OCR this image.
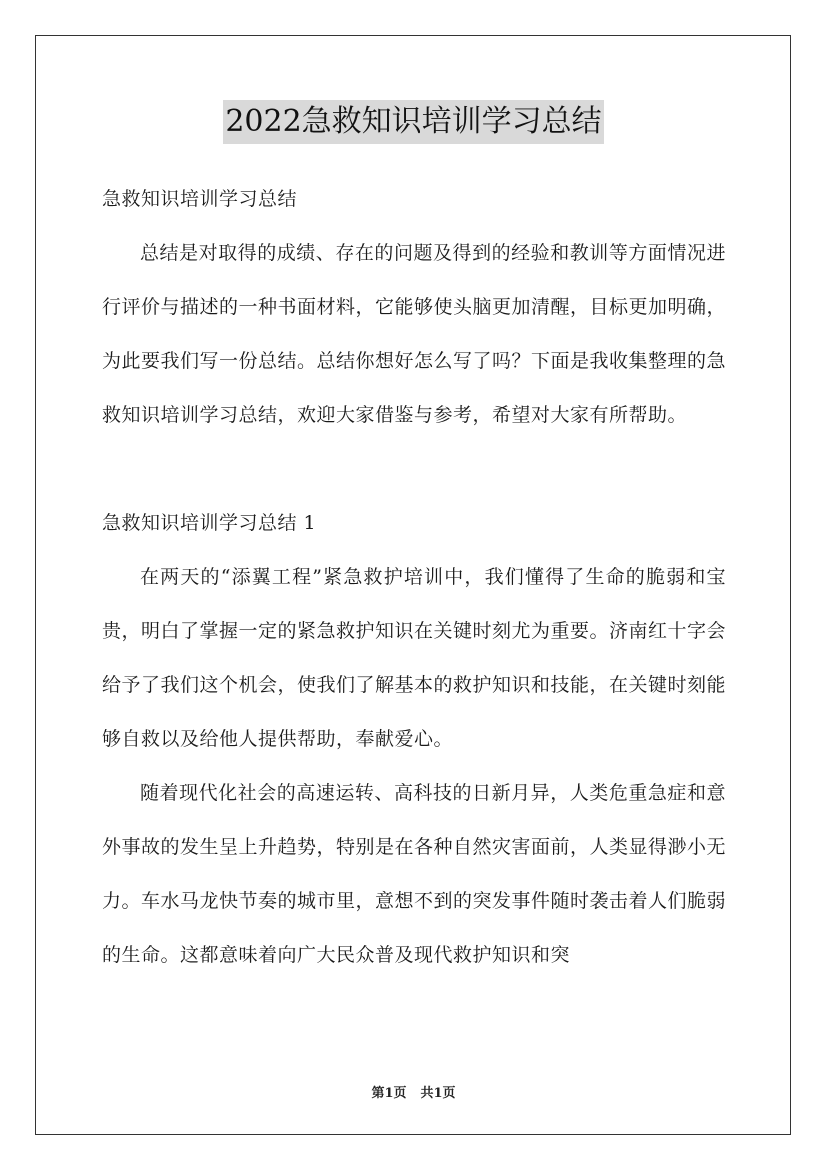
2022急救知识培训学习总结

急救知识培训学习总结

总结是对取得的成绩、存在的问题及得到的经验和教训等方面情况进行评价与描述的一种书面材料，它能够使头脑更加清醒，目标更加明确，为此要我们写一份总结。总结你想好怎么写了吗？下面是我收集整理的急救知识培训学习总结，欢迎大家借鉴与参考，希望对大家有所帮助。

急救知识培训学习总结 1

在两天的“添翼工程”紧急救护培训中，我们懂得了生命的脆弱和宝贵，明白了掌握一定的紧急救护知识在关键时刻尤为重要。济南红十字会给予了我们这个机会，使我们了解基本的救护知识和技能，在关键时刻能够自救以及给他人提供帮助，奉献爱心。

随着现代化社会的高速运转、高科技的日新月异，人类危重急症和意外事故的发生呈上升趋势，特别是在各种自然灾害面前，人类显得渺小无力。车水马龙快节奏的城市里，意想不到的突发事件随时袭击着人们脆弱的生命。这都意味着向广大民众普及现代救护知识和突

第1页 共1页
